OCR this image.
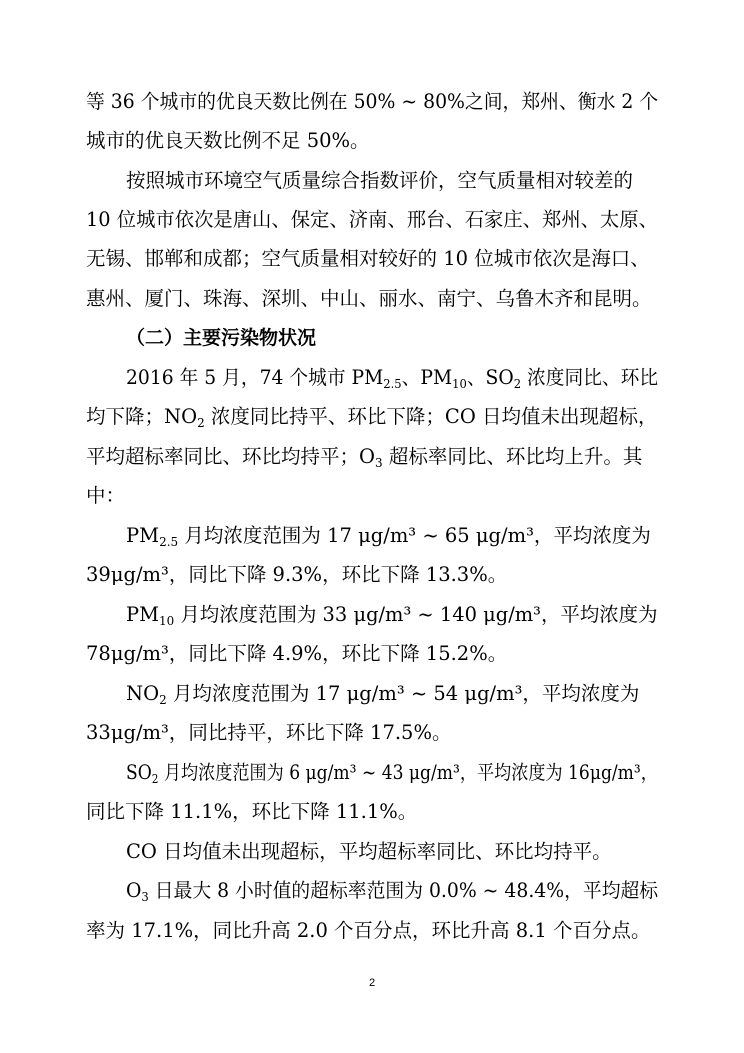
等 36 个城市的优良天数比例在 50% ~ 80%之间，郑州、衡水 2 个
城市的优良天数比例不足 50%。
按照城市环境空气质量综合指数评价，空气质量相对较差的
10 位城市依次是唐山、保定、济南、邢台、石家庄、郑州、太原、
无锡、邯郸和成都；空气质量相对较好的 10 位城市依次是海口、
惠州、厦门、珠海、深圳、中山、丽水、南宁、乌鲁木齐和昆明。
（二）主要污染物状况
2016 年 5 月，74 个城市 $PM_{2.5}$、$PM_{10}$、$SO_2$ 浓度同比、环比
均下降；$NO_2$ 浓度同比持平、环比下降；CO 日均值未出现超标，
平均超标率同比、环比均持平；$O_3$ 超标率同比、环比均上升。其
中：
$PM_{2.5}$ 月均浓度范围为 17 μg/m³ ~ 65 μg/m³，平均浓度为
39μg/m³，同比下降 9.3%，环比下降 13.3%。
$PM_{10}$ 月均浓度范围为 33 μg/m³ ~ 140 μg/m³，平均浓度为
78μg/m³，同比下降 4.9%，环比下降 15.2%。
$NO_2$ 月均浓度范围为 17 μg/m³ ~ 54 μg/m³，平均浓度为
33μg/m³，同比持平，环比下降 17.5%。
$SO_2$ 月均浓度范围为 6 μg/m³ ~ 43 μg/m³，平均浓度为 16μg/m³，
同比下降 11.1%，环比下降 11.1%。
CO 日均值未出现超标，平均超标率同比、环比均持平。
$O_3$ 日最大 8 小时值的超标率范围为 0.0% ~ 48.4%，平均超标
率为 17.1%，同比升高 2.0 个百分点，环比升高 8.1 个百分点。
2
